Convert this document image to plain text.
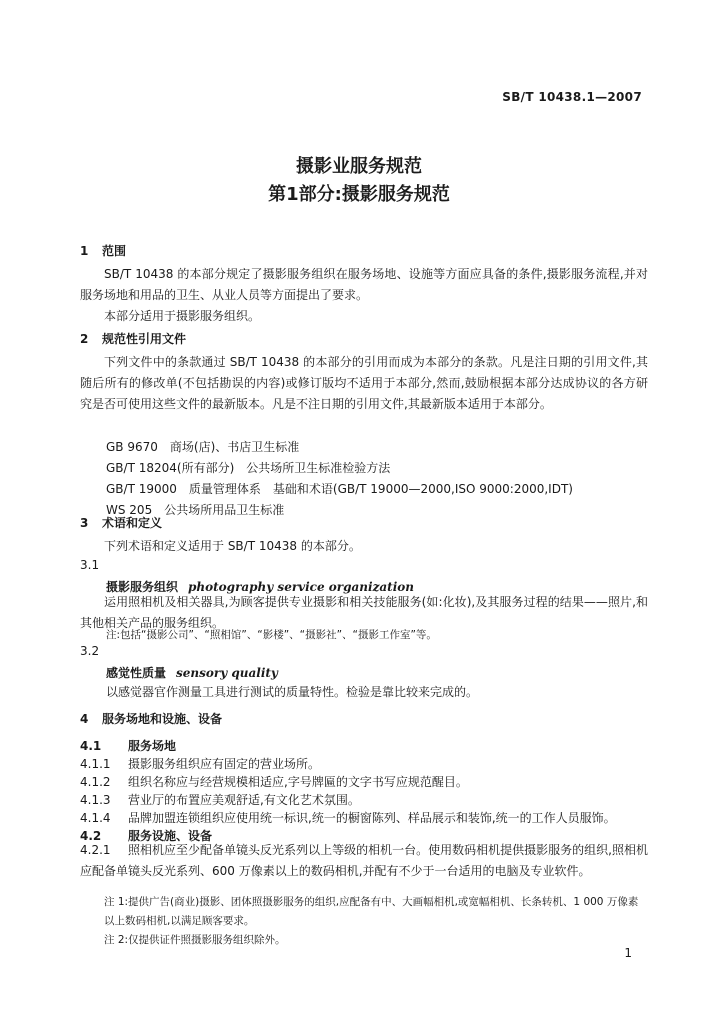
SB/T 10438.1—2007
摄影业服务规范
第1部分:摄影服务规范
1 范围

SB/T 10438 的本部分规定了摄影服务组织在服务场地、设施等方面应具备的条件,摄影服务流程,并对服务场地和用品的卫生、从业人员等方面提出了要求。

本部分适用于摄影服务组织。

2 规范性引用文件

下列文件中的条款通过 SB/T 10438 的本部分的引用而成为本部分的条款。凡是注日期的引用文件,其随后所有的修改单(不包括勘误的内容)或修订版均不适用于本部分,然而,鼓励根据本部分达成协议的各方研究是否可使用这些文件的最新版本。凡是不注日期的引用文件,其最新版本适用于本部分。

GB 9670　商场(店)、书店卫生标准
GB/T 18204(所有部分)　公共场所卫生标准检验方法
GB/T 19000　质量管理体系　基础和术语(GB/T 19000—2000,ISO 9000:2000,IDT)
WS 205　公共场所用品卫生标准
3 术语和定义

下列术语和定义适用于 SB/T 10438 的本部分。

3.1
摄影服务组织 photography service organization

运用照相机及相关器具,为顾客提供专业摄影和相关技能服务(如:化妆),及其服务过程的结果——照片,和其他相关产品的服务组织。

注:包括“摄影公司”、“照相馆”、“影楼”、“摄影社”、“摄影工作室”等。

3.2
感觉性质量 sensory quality
以感觉器官作测量工具进行测试的质量特性。检验是靠比较来完成的。
4 服务场地和设施、设备
4.1 服务场地
4.1.1 摄影服务组织应有固定的营业场所。
4.1.2 组织名称应与经营规模相适应,字号牌匾的文字书写应规范醒目。
4.1.3 营业厅的布置应美观舒适,有文化艺术氛围。
4.1.4 品牌加盟连锁组织应使用统一标识,统一的橱窗陈列、样品展示和装饰,统一的工作人员服饰。
4.2 服务设施、设备

4.2.1 照相机应至少配备单镜头反光系列以上等级的相机一台。使用数码相机提供摄影服务的组织,照相机应配备单镜头反光系列、600 万像素以上的数码相机,并配有不少于一台适用的电脑及专业软件。

注 1:提供广告(商业)摄影、团体照摄影服务的组织,应配备有中、大画幅相机,或宽幅相机、长条转机、1 000 万像素以上数码相机,以满足顾客要求。

注 2:仅提供证件照摄影服务组织除外。

1
